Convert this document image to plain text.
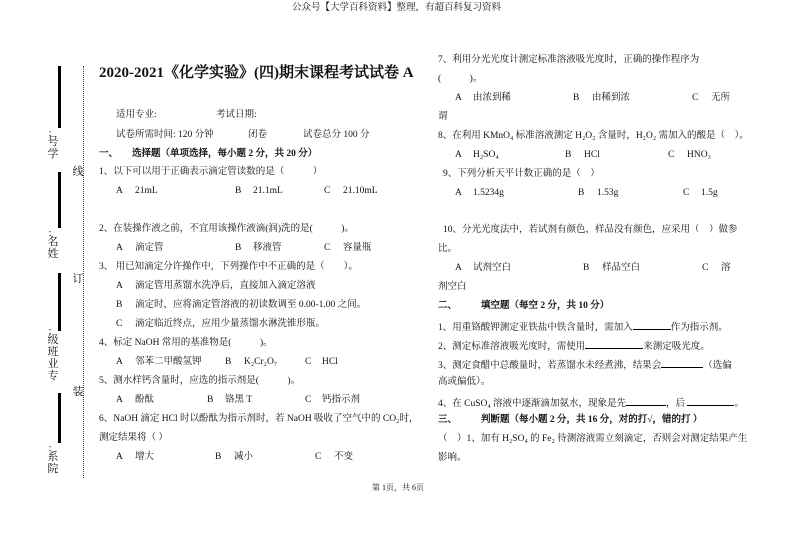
公众号【大学百科资料】整理，有超百科复习资料
:
号学
:
名姓
:
级班业专
:
系院
线
订
装
2020-2021《化学实验》(四)期末课程考试试卷 A
适用专业:	考试日期:
试卷所需时间: 120 分钟	闭卷	试卷总分 100 分
一、 选择题（单项选择，每小题 2 分，共 20 分）
1、以下可以用于正确表示滴定管读数的是（　　　）
A 21mL	B 21.1mL	C 21.10mL
2、在装操作液之前，不宜用该操作液滴(润)洗的是(　　　)。
A 滴定管	B 移液管	C 容量瓶
3、 用已知滴定分许操作中，下列操作中不正确的是（　　）。
A 滴定管用蒸馏水洗净后，直接加入滴定溶液
B 滴定时，应将滴定管溶液的初读数调至 0.00-1.00 之间。
C 滴定临近终点，应用少量蒸馏水淋洗锥形瓶。
4、标定 NaOH 常用的基准物是(　　　)。
A 邻苯二甲酸氢钾 B K₂Cr₂O₇	C HCl
5、测水样钙含量时，应选的指示剂是(　　　)。
A 酚酞	B 铬黑 T	C 钙指示剂
6、NaOH 滴定 HCl 时以酚酞为指示剂时，若 NaOH 吸收了空气中的 CO₂时，
测定结果将（ ）
A 增大	B 减小	C 不变
7、利用分光光度计测定标准溶液吸光度时，正确的操作程序为
(　　　)。
A 由浓到稀	B 由稀到浓	C 无所
谓
8、在利用 KMnO₄ 标准溶液测定 H₂O₂ 含量时，H₂O₂ 需加入的酸是（　）。
A H₂SO₄	B HCl	C HNO₃
9、下列分析天平计数正确的是（　）
A 1.5234g	B 1.53g	C 1.5g
10、分光光度法中，若试剂有颜色，样品没有颜色，应采用（　）做参
比。
A 试剂空白	B 样品空白	C 溶
剂空白
二、	填空题（每空 2 分，共 10 分）
1、用重铬酸钾测定亚铁盐中铁含量时，需加入	作为指示剂。
2、测定标准溶液吸光度时，需使用	来测定吸光度。
3、测定食醋中总酸量时，若蒸馏水未经煮沸，结果会	（选偏
高或偏低）。
4、在 CuSO₄ 溶液中逐渐滴加氨水，现象是先	，后	。
三、	判断题（每小题 2 分，共 16 分，对的打√，错的打 ）
（　）1、加有 H₂SO₄ 的 Fe₂ 待测溶液需立刻滴定，否则会对测定结果产生
影响。
第 1页，共 6页
